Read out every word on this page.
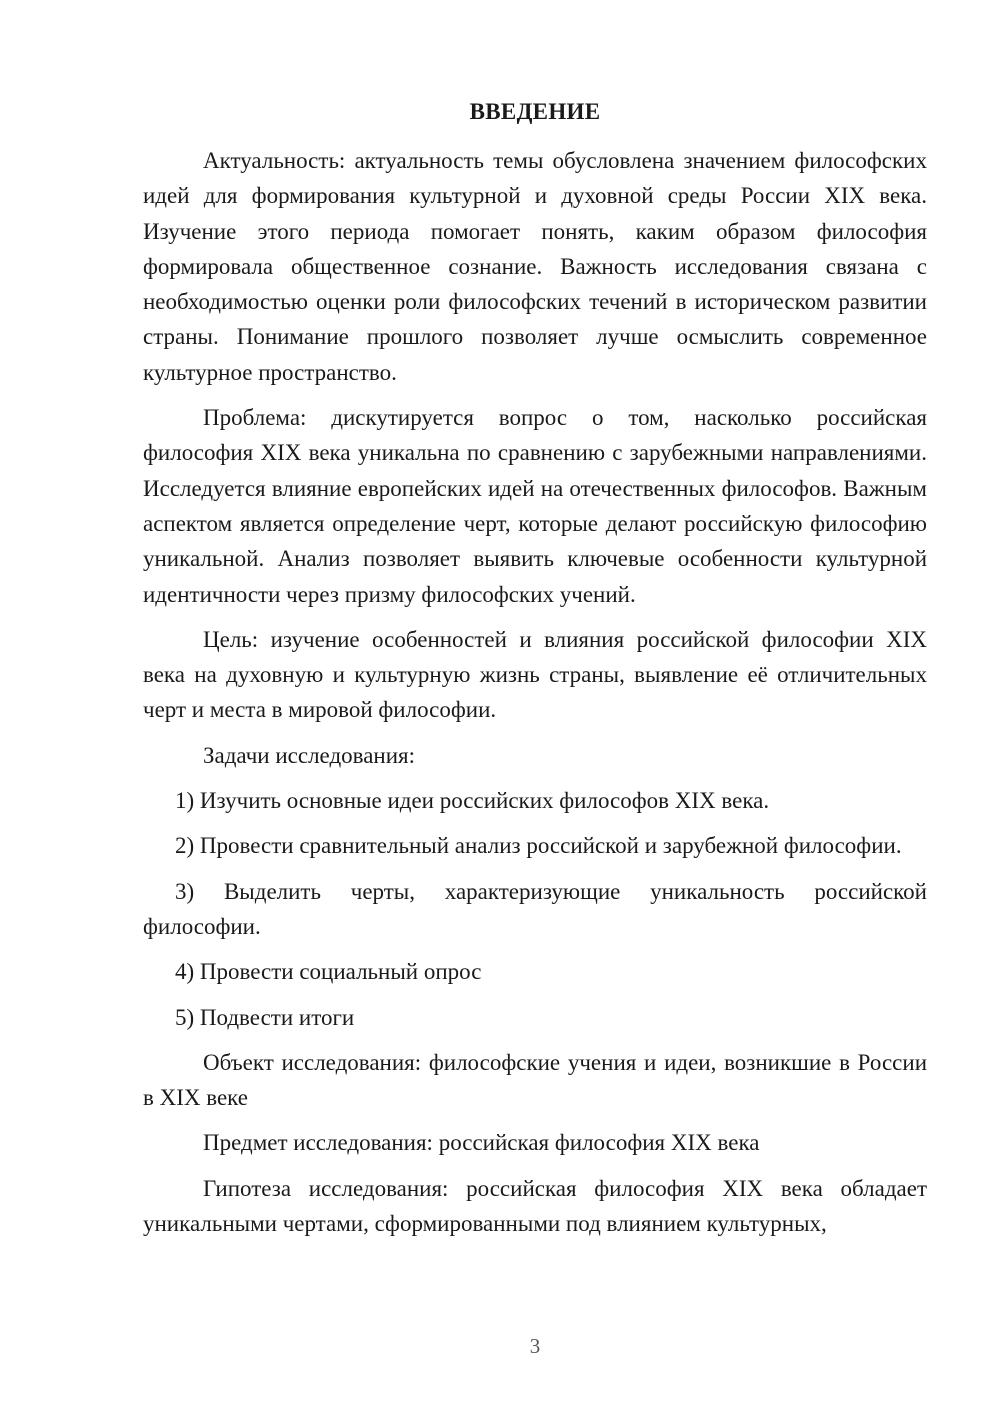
ВВЕДЕНИЕ

Актуальность: актуальность темы обусловлена значением философских идей для формирования культурной и духовной среды России XIX века. Изучение этого периода помогает понять, каким образом философия формировала общественное сознание. Важность исследования связана с необходимостью оценки роли философских течений в историческом развитии страны. Понимание прошлого позволяет лучше осмыслить современное культурное пространство.

Проблема: дискутируется вопрос о том, насколько российская философия XIX века уникальна по сравнению с зарубежными направлениями. Исследуется влияние европейских идей на отечественных философов. Важным аспектом является определение черт, которые делают российскую философию уникальной. Анализ позволяет выявить ключевые особенности культурной идентичности через призму философских учений.

Цель: изучение особенностей и влияния российской философии XIX века на духовную и культурную жизнь страны, выявление её отличительных черт и места в мировой философии.

Задачи исследования:

1) Изучить основные идеи российских философов XIX века.

2) Провести сравнительный анализ российской и зарубежной философии.

3) Выделить черты, характеризующие уникальность российской философии.

4) Провести социальный опрос

5) Подвести итоги

Объект исследования: философские учения и идеи, возникшие в России в XIX веке

Предмет исследования: российская философия XIX века

Гипотеза исследования: российская философия XIX века обладает уникальными чертами, сформированными под влиянием культурных,

3
